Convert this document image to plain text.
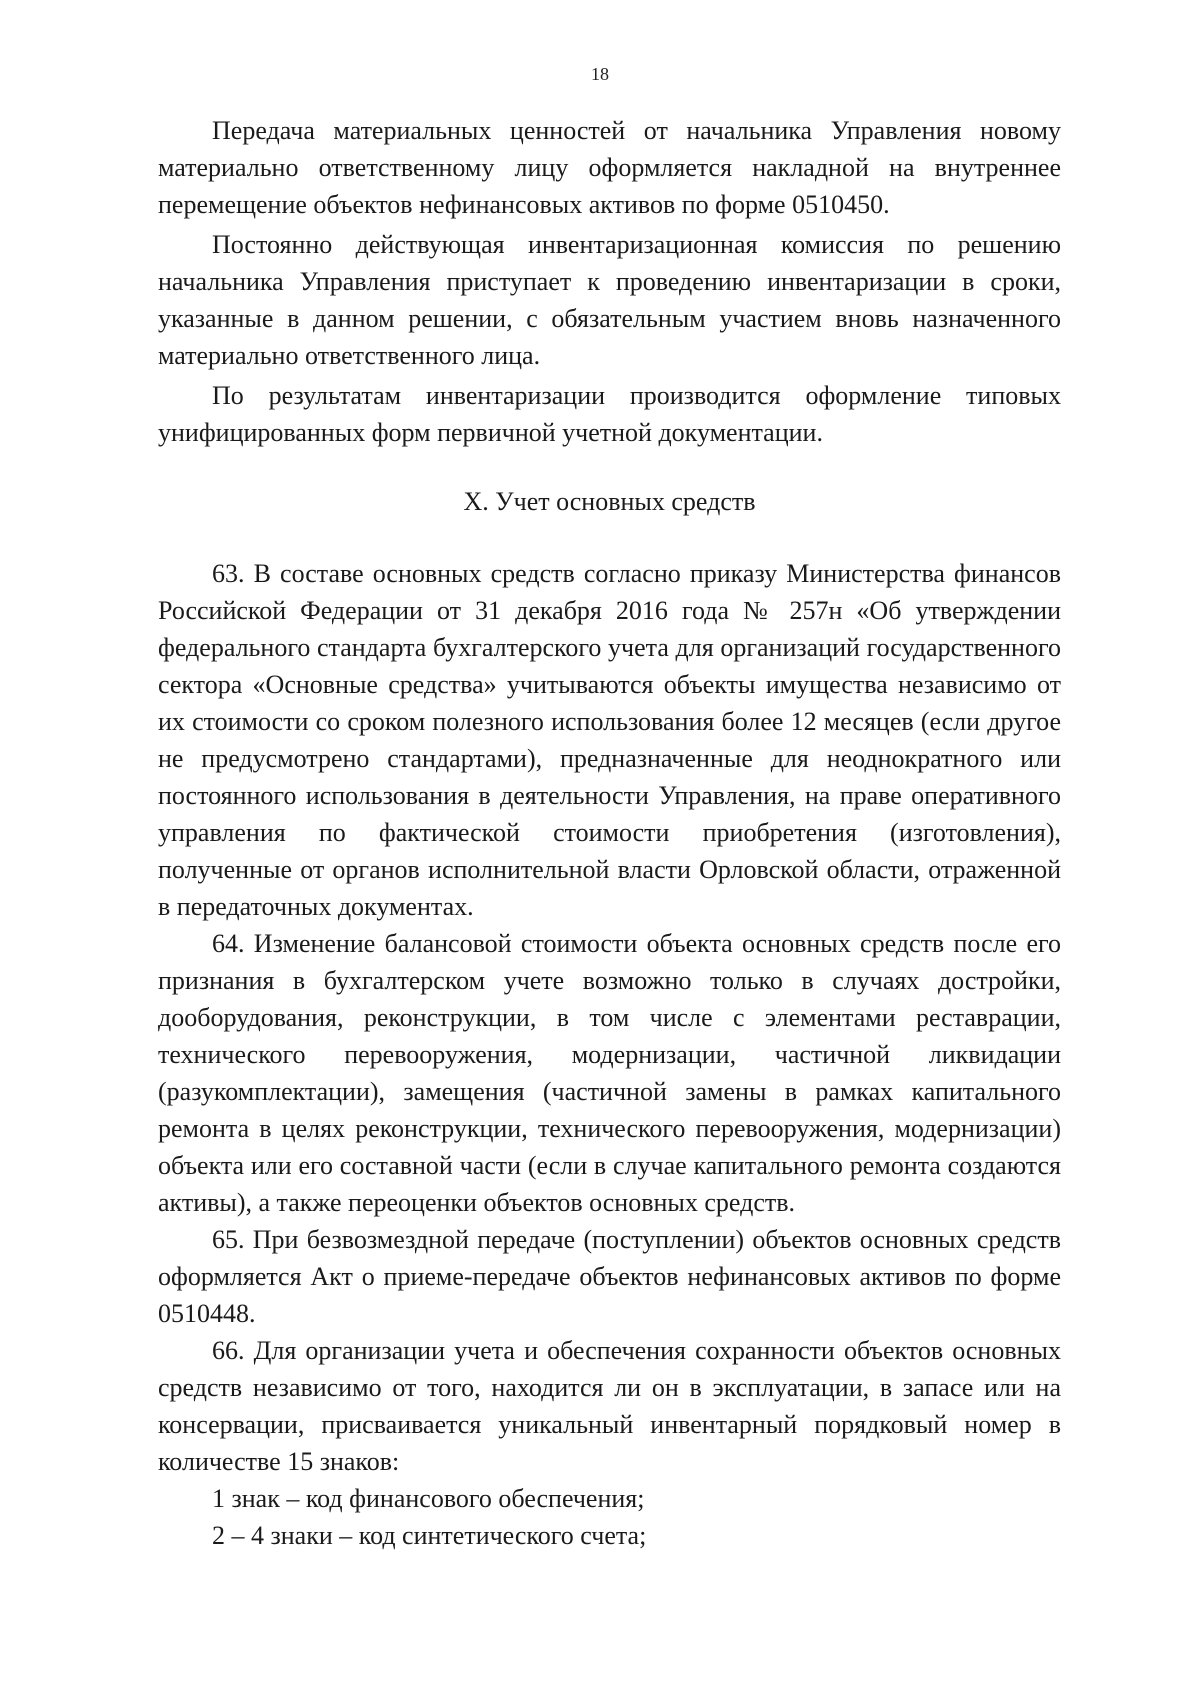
18

Передача материальных ценностей от начальника Управления новому материально ответственному лицу оформляется накладной на внутреннее перемещение объектов нефинансовых активов по форме 0510450.

Постоянно действующая инвентаризационная комиссия по решению начальника Управления приступает к проведению инвентаризации в сроки, указанные в данном решении, с обязательным участием вновь назначенного материально ответственного лица.

По результатам инвентаризации производится оформление типовых унифицированных форм первичной учетной документации.

X. Учет основных средств

63. В составе основных средств согласно приказу Министерства финансов Российской Федерации от 31 декабря 2016 года № 257н «Об утверждении федерального стандарта бухгалтерского учета для организаций государственного сектора «Основные средства» учитываются объекты имущества независимо от их стоимости со сроком полезного использования более 12 месяцев (если другое не предусмотрено стандартами), предназначенные для неоднократного или постоянного использования в деятельности Управления, на праве оперативного управления по фактической стоимости приобретения (изготовления), полученные от органов исполнительной власти Орловской области, отраженной в передаточных документах.

64. Изменение балансовой стоимости объекта основных средств после его признания в бухгалтерском учете возможно только в случаях достройки, дооборудования, реконструкции, в том числе с элементами реставрации, технического перевооружения, модернизации, частичной ликвидации (разукомплектации), замещения (частичной замены в рамках капитального ремонта в целях реконструкции, технического перевооружения, модернизации) объекта или его составной части (если в случае капитального ремонта создаются активы), а также переоценки объектов основных средств.

65. При безвозмездной передаче (поступлении) объектов основных средств оформляется Акт о приеме-передаче объектов нефинансовых активов по форме 0510448.

66. Для организации учета и обеспечения сохранности объектов основных средств независимо от того, находится ли он в эксплуатации, в запасе или на консервации, присваивается уникальный инвентарный порядковый номер в количестве 15 знаков:

1 знак – код финансового обеспечения;

2 – 4 знаки – код синтетического счета;
